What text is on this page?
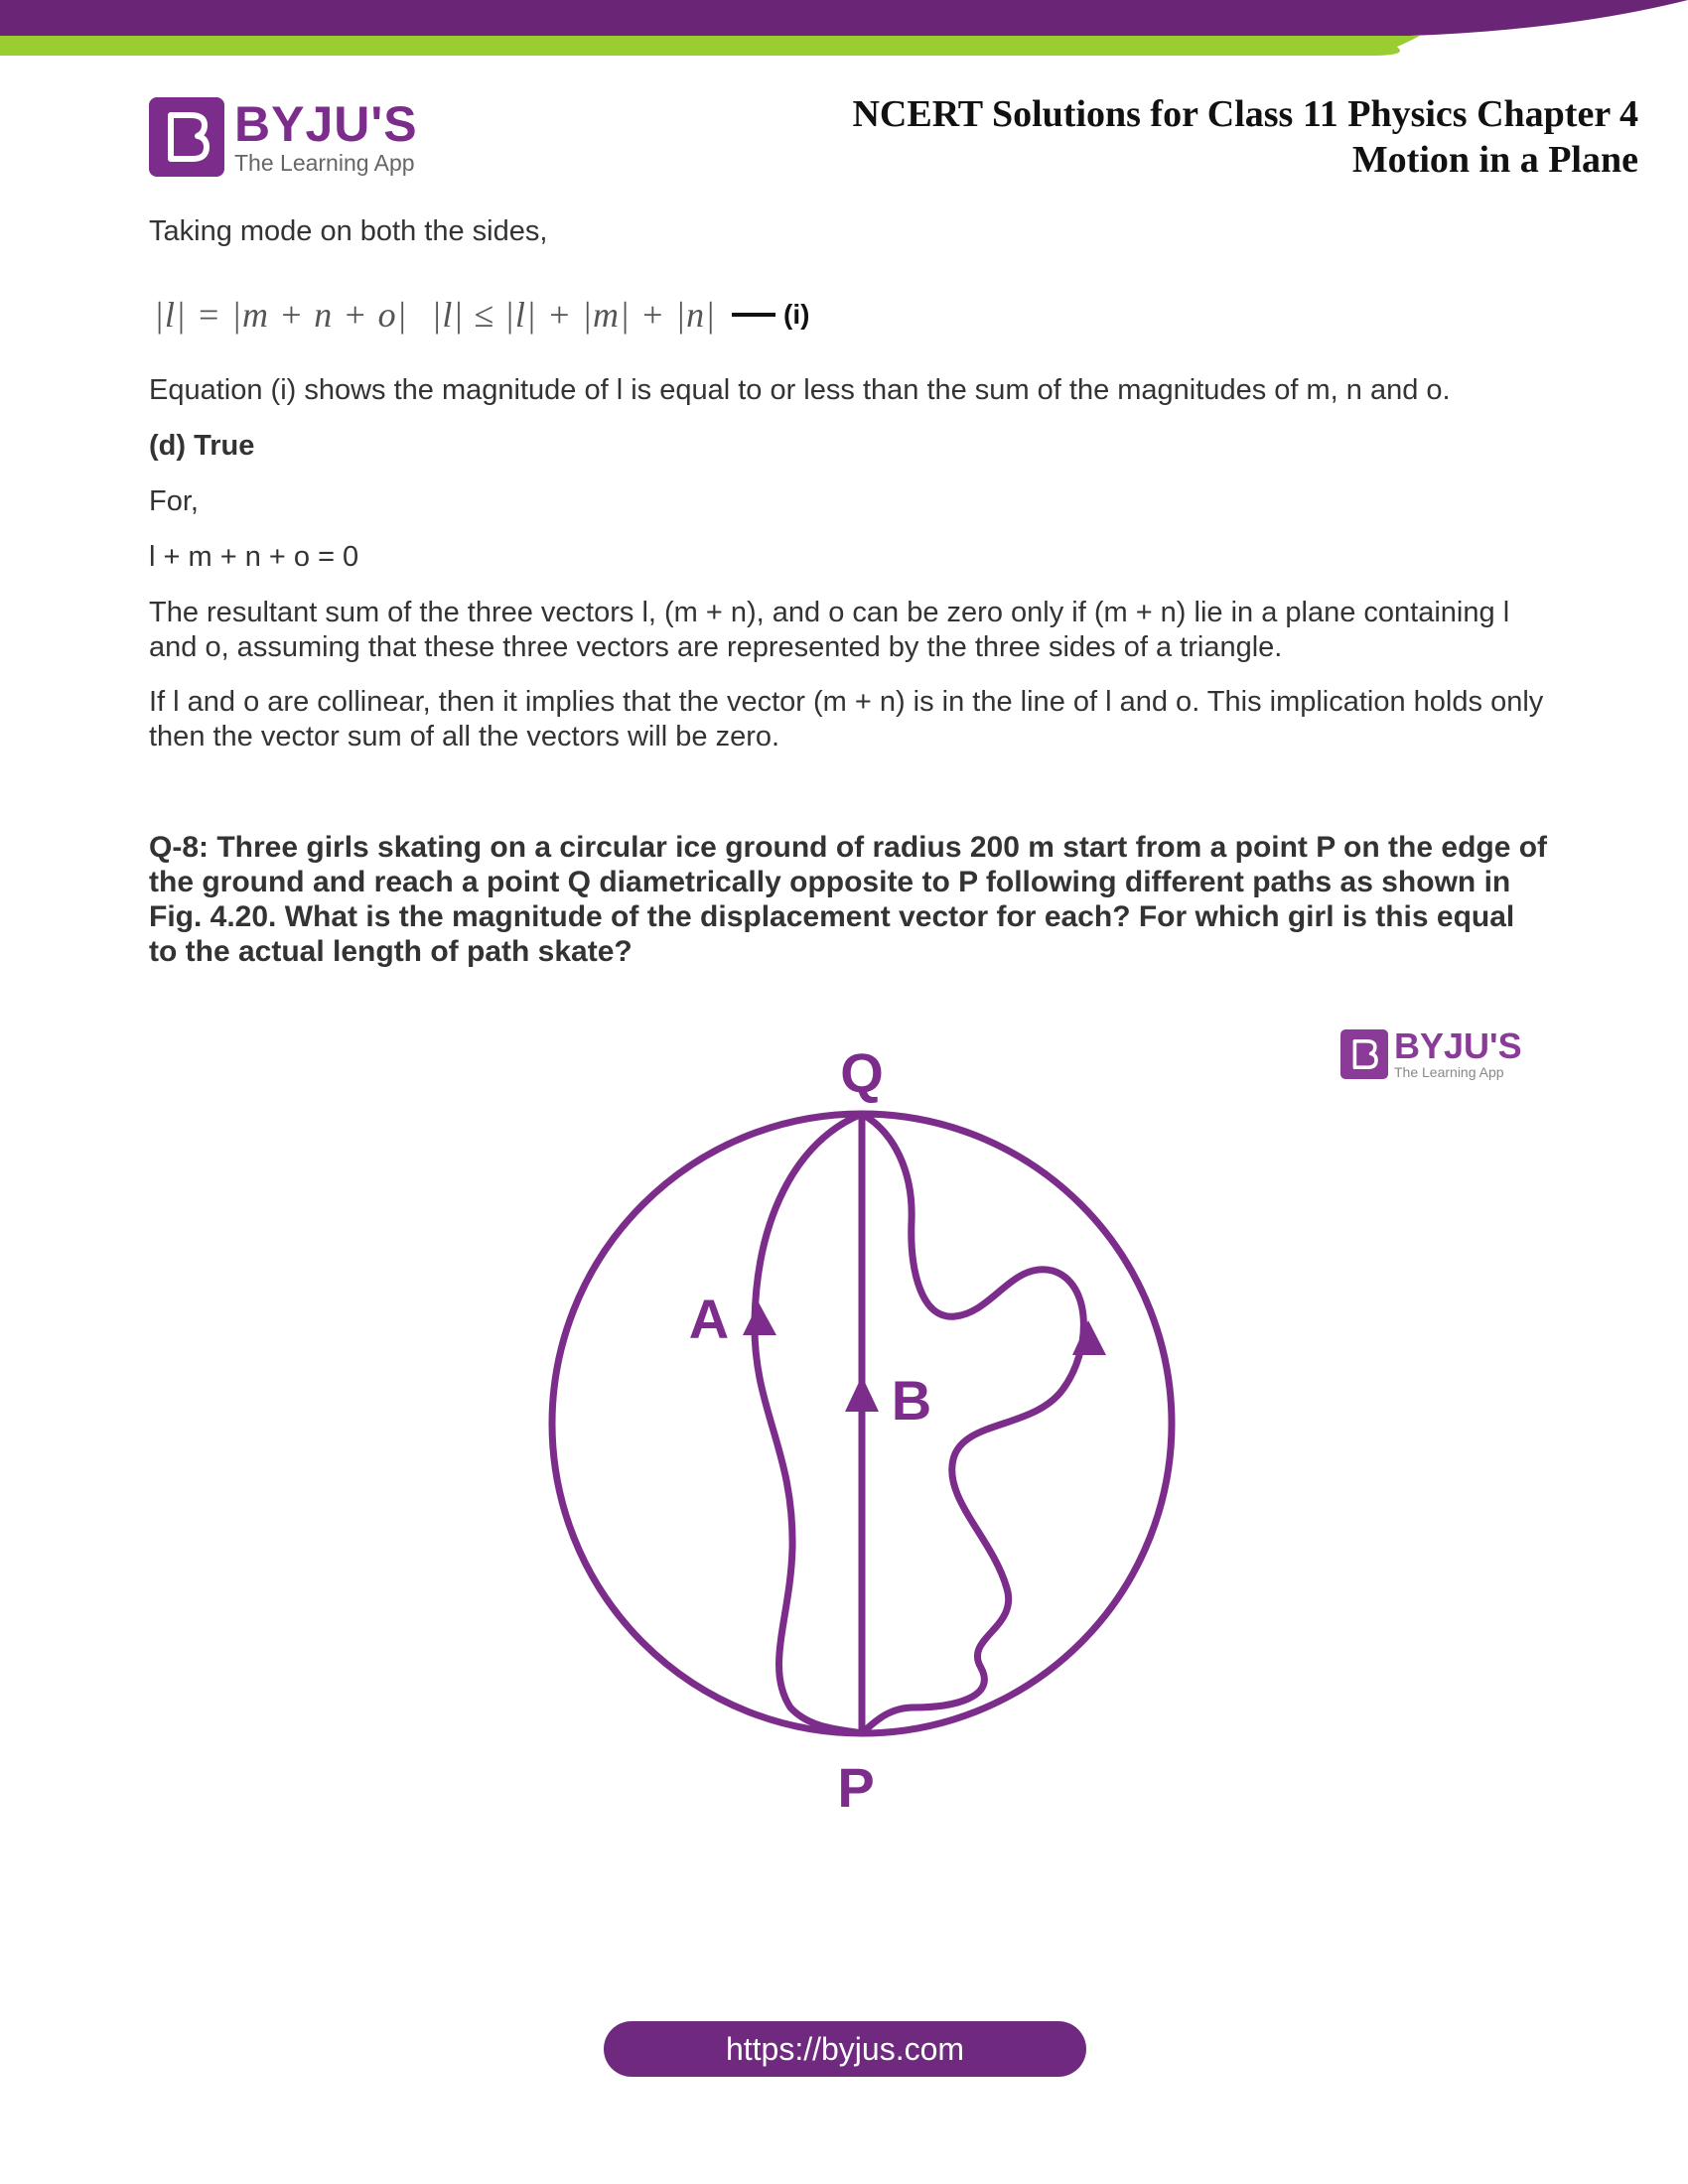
BYJU'S
The Learning App
NCERT Solutions for Class 11 Physics Chapter 4
Motion in a Plane

Taking mode on both the sides,

|l| = |m + n + o| |l| ≤ |l| + |m| + |n| (i)

Equation (i) shows the magnitude of l is equal to or less than the sum of the magnitudes of m, n and o.

(d) True

For,

l + m + n + o = 0

The resultant sum of the three vectors l, (m + n), and o can be zero only if (m + n) lie in a plane containing l and o, assuming that these three vectors are represented by the three sides of a triangle.

If l and o are collinear, then it implies that the vector (m + n) is in the line of l and o. This implication holds only then the vector sum of all the vectors will be zero.

Q-8: Three girls skating on a circular ice ground of radius 200 m start from a point P on the edge of the ground and reach a point Q diametrically opposite to P following different paths as shown in Fig. 4.20. What is the magnitude of the displacement vector for each? For which girl is this equal to the actual length of path skate?

BYJU'S
The Learning App
Q
P
A
B
https://byjus.com
